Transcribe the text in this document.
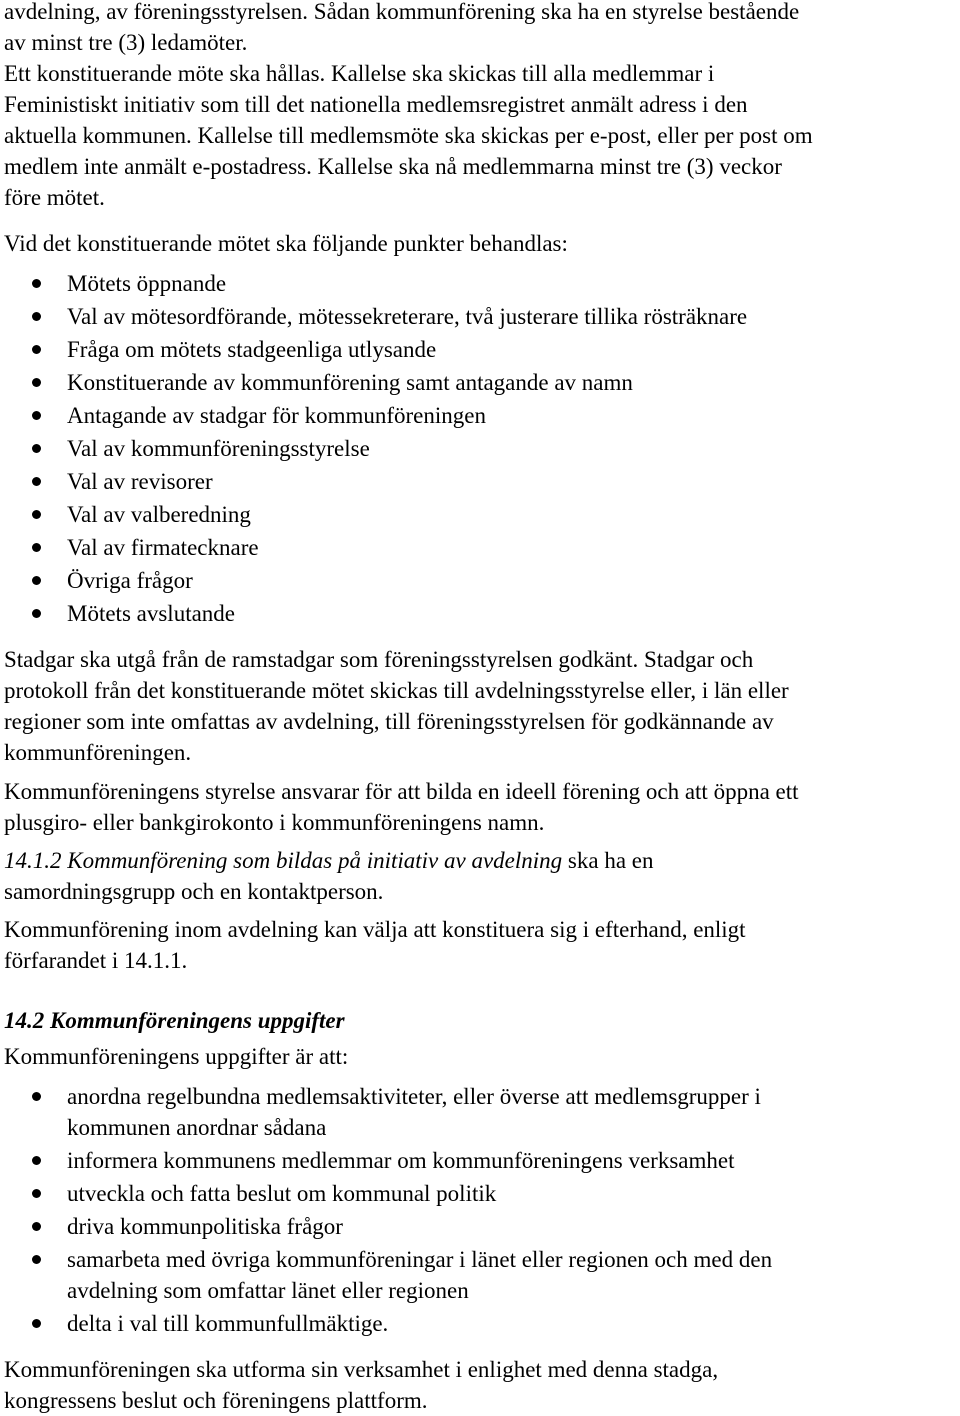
avdelning, av föreningsstyrelsen. Sådan kommunförening ska ha en styrelse bestående
av minst tre (3) ledamöter.
Ett konstituerande möte ska hållas. Kallelse ska skickas till alla medlemmar i
Feministiskt initiativ som till det nationella medlemsregistret anmält adress i den
aktuella kommunen. Kallelse till medlemsmöte ska skickas per e-post, eller per post om
medlem inte anmält e-postadress. Kallelse ska nå medlemmarna minst tre (3) veckor
före mötet.

Vid det konstituerande mötet ska följande punkter behandlas:

Mötets öppnande
Val av mötesordförande, mötessekreterare, två justerare tillika rösträknare
Fråga om mötets stadgeenliga utlysande
Konstituerande av kommunförening samt antagande av namn
Antagande av stadgar för kommunföreningen
Val av kommunföreningsstyrelse
Val av revisorer
Val av valberedning
Val av firmatecknare
Övriga frågor
Mötets avslutande

Stadgar ska utgå från de ramstadgar som föreningsstyrelsen godkänt. Stadgar och
protokoll från det konstituerande mötet skickas till avdelningsstyrelse eller, i län eller
regioner som inte omfattas av avdelning, till föreningsstyrelsen för godkännande av
kommunföreningen.

Kommunföreningens styrelse ansvarar för att bilda en ideell förening och att öppna ett
plusgiro- eller bankgirokonto i kommunföreningens namn.

14.1.2 Kommunförening som bildas på initiativ av avdelning ska ha en
samordningsgrupp och en kontaktperson.

Kommunförening inom avdelning kan välja att konstituera sig i efterhand, enligt
förfarandet i 14.1.1.

14.2 Kommunföreningens uppgifter

Kommunföreningens uppgifter är att:

anordna regelbundna medlemsaktiviteter, eller överse att medlemsgrupper i
kommunen anordnar sådana
informera kommunens medlemmar om kommunföreningens verksamhet
utveckla och fatta beslut om kommunal politik
driva kommunpolitiska frågor
samarbeta med övriga kommunföreningar i länet eller regionen och med den
avdelning som omfattar länet eller regionen
delta i val till kommunfullmäktige.

Kommunföreningen ska utforma sin verksamhet i enlighet med denna stadga,
kongressens beslut och föreningens plattform.
